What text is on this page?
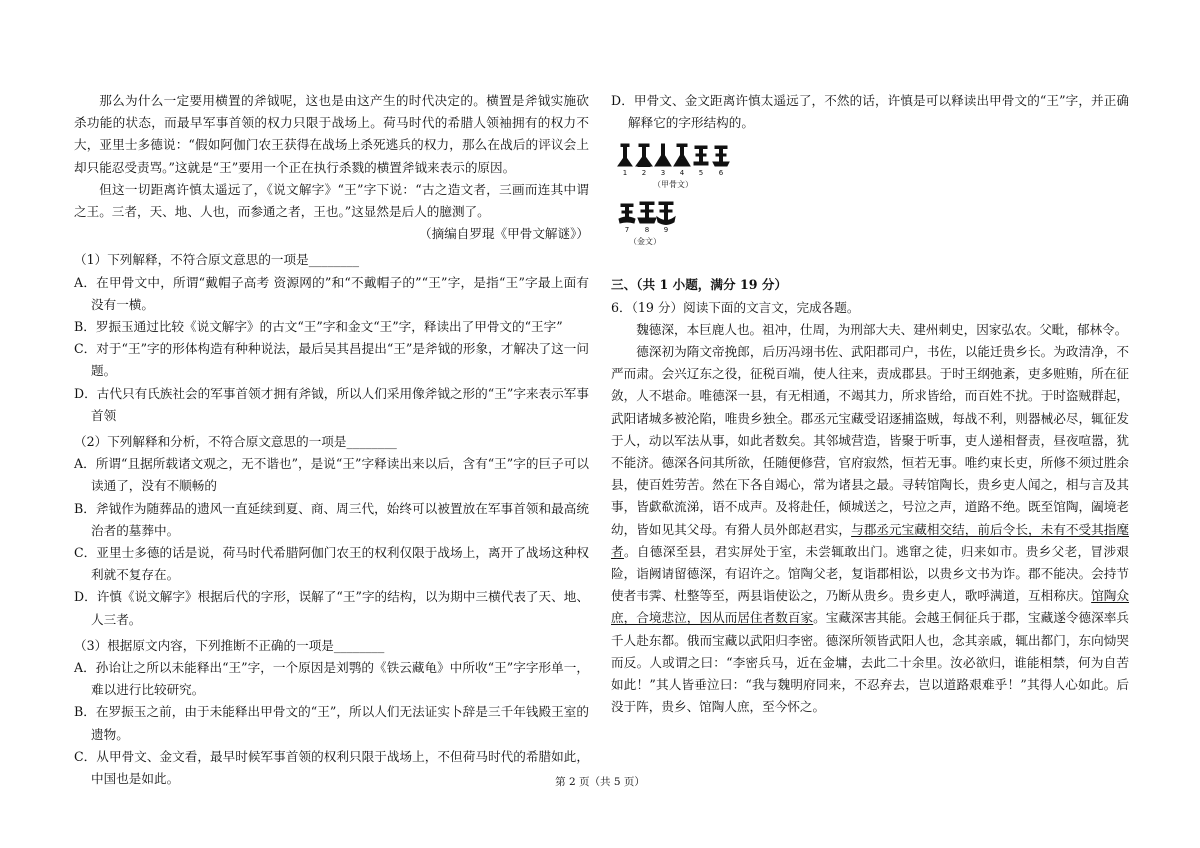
那么为什么一定要用横置的斧钺呢，这也是由这产生的时代决定的。横置是斧钺实施砍杀功能的状态，而最早军事首领的权力只限于战场上。荷马时代的希腊人领袖拥有的权力不大，亚里士多德说：“假如阿伽门农王获得在战场上杀死逃兵的权力，那么在战后的评议会上却只能忍受责骂。”这就是“王”要用一个正在执行杀戮的横置斧钺来表示的原因。

但这一切距离许慎太遥远了，《说文解字》“王”字下说：“古之造文者，三画而连其中谓之王。三者，天、地、人也，而参通之者，王也。”这显然是后人的臆测了。

（摘编自罗琨《甲骨文解谜》）

（1）下列解释，不符合原文意思的一项是________

A．在甲骨文中，所谓“戴帽子高考 资源网的”和“不戴帽子的”“王”字，是指“王”字最上面有没有一横。

B．罗振玉通过比较《说文解字》的古文“王”字和金文“王”字，释读出了甲骨文的“王字”

C．对于“王”字的形体构造有种种说法，最后吴其昌提出“王”是斧钺的形象，才解决了这一问题。

D．古代只有氏族社会的军事首领才拥有斧钺，所以人们采用像斧钺之形的“王”字来表示军事首领

（2）下列解释和分析，不符合原文意思的一项是________

A．所谓“且据所载诸文观之，无不谐也”，是说“王”字释读出来以后，含有“王”字的巨子可以读通了，没有不顺畅的

B．斧钺作为随葬品的遗风一直延续到夏、商、周三代，始终可以被置放在军事首领和最高统治者的墓葬中。

C．亚里士多德的话是说，荷马时代希腊阿伽门农王的权利仅限于战场上，离开了战场这种权利就不复存在。

D．许慎《说文解字》根据后代的字形，误解了“王”字的结构，以为期中三横代表了天、地、人三者。

（3）根据原文内容，下列推断不正确的一项是________

A．孙诒让之所以未能释出“王”字，一个原因是刘鹗的《铁云藏龟》中所收“王”字字形单一，难以进行比较研究。

B．在罗振玉之前，由于未能释出甲骨文的“王”，所以人们无法证实卜辞是三千年钱殿王室的遗物。

C．从甲骨文、金文看，最早时候军事首领的权利只限于战场上，不但荷马时代的希腊如此，中国也是如此。

D．甲骨文、金文距离许慎太遥远了，不然的话，许慎是可以释读出甲骨文的“王”字，并正确解释它的字形结构的。

1 2 3 4 5 6
（甲骨文）
7 8 9
（金文）

三、（共 1 小题，满分 19 分）

6．（19 分）阅读下面的文言文，完成各题。

魏德深，本巨鹿人也。祖冲，仕周，为刑部大夫、建州刺史，因家弘农。父毗，郁林令。

德深初为隋文帝挽郎，后历冯翊书佐、武阳郡司户，书佐，以能迁贵乡长。为政清净，不严而肃。会兴辽东之役，征税百端，使人往来，责成郡县。于时王纲弛紊，吏多赃贿，所在征敛，人不堪命。唯德深一县，有无相通，不竭其力，所求皆给，而百姓不扰。于时盗贼群起，武阳诸城多被沦陷，唯贵乡独全。郡丞元宝藏受诏逐捕盗贼，每战不利，则器械必尽，辄征发于人，动以军法从事，如此者数矣。其邻城营造，皆聚于听事，吏人递相督责，昼夜喧嚣，犹不能济。德深各问其所欲，任随便修营，官府寂然，恒若无事。唯约束长吏，所修不须过胜余县，使百姓劳苦。然在下各自竭心，常为诸县之最。寻转馆陶长，贵乡吏人闻之，相与言及其事，皆歔欷流涕，语不成声。及将赴任，倾城送之，号泣之声，道路不绝。既至馆陶，阖境老幼，皆如见其父母。有猾人员外郎赵君实，与郡丞元宝藏相交结，前后令长，未有不受其指麾者。自德深至县，君实屏处于室，未尝辄敢出门。逃窜之徒，归来如市。贵乡父老，冒涉艰险，诣阙请留德深，有诏许之。馆陶父老，复诣郡相讼，以贵乡文书为诈。郡不能决。会持节使者韦霁、杜整等至，两县诣使讼之，乃断从贵乡。贵乡吏人，歌呼满道，互相称庆。馆陶众庶，合境悲泣，因从而居住者数百家。宝藏深害其能。会越王侗征兵于郡，宝藏遂令德深率兵千人赴东都。俄而宝藏以武阳归李密。德深所领皆武阳人也，念其亲戚，辄出都门，东向恸哭而反。人或谓之曰：“李密兵马，近在金墉，去此二十余里。汝必欲归，谁能相禁，何为自苦如此！”其人皆垂泣曰：“我与魏明府同来，不忍弃去，岂以道路艰难乎！”其得人心如此。后没于阵，贵乡、馆陶人庶，至今怀之。

第 2 页（共 5 页）
